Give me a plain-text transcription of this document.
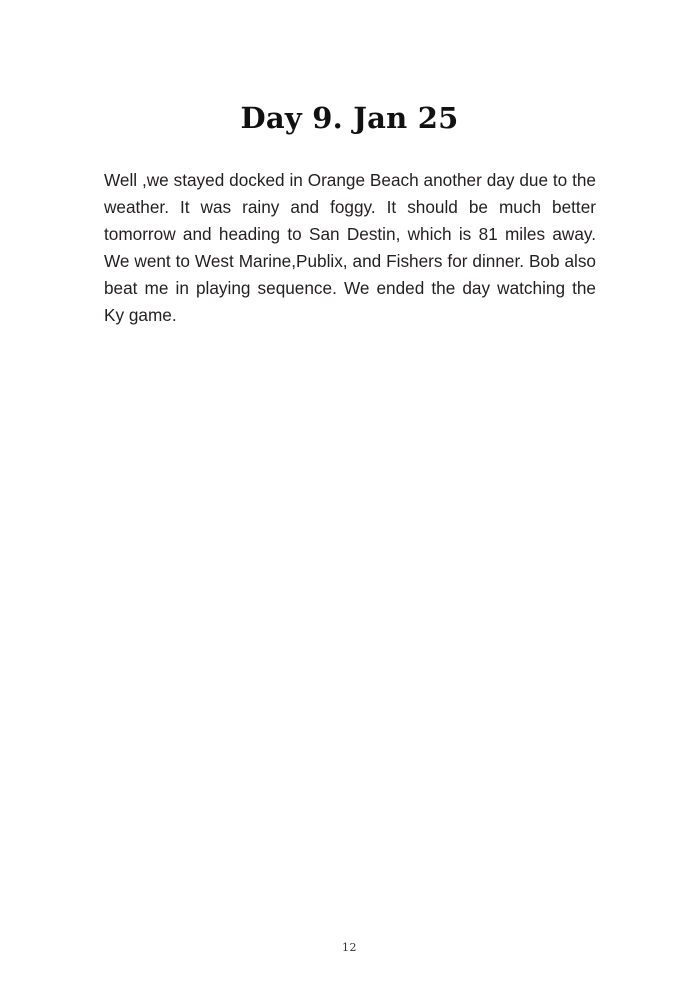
Day 9. Jan 25

Well ,we stayed docked in Orange Beach another day due to the weather. It was rainy and foggy. It should be much better tomorrow and heading to San Destin, which is 81 miles away. We went to West Marine,Publix, and Fishers for dinner. Bob also beat me in playing sequence. We ended the day watching the Ky game.

12
